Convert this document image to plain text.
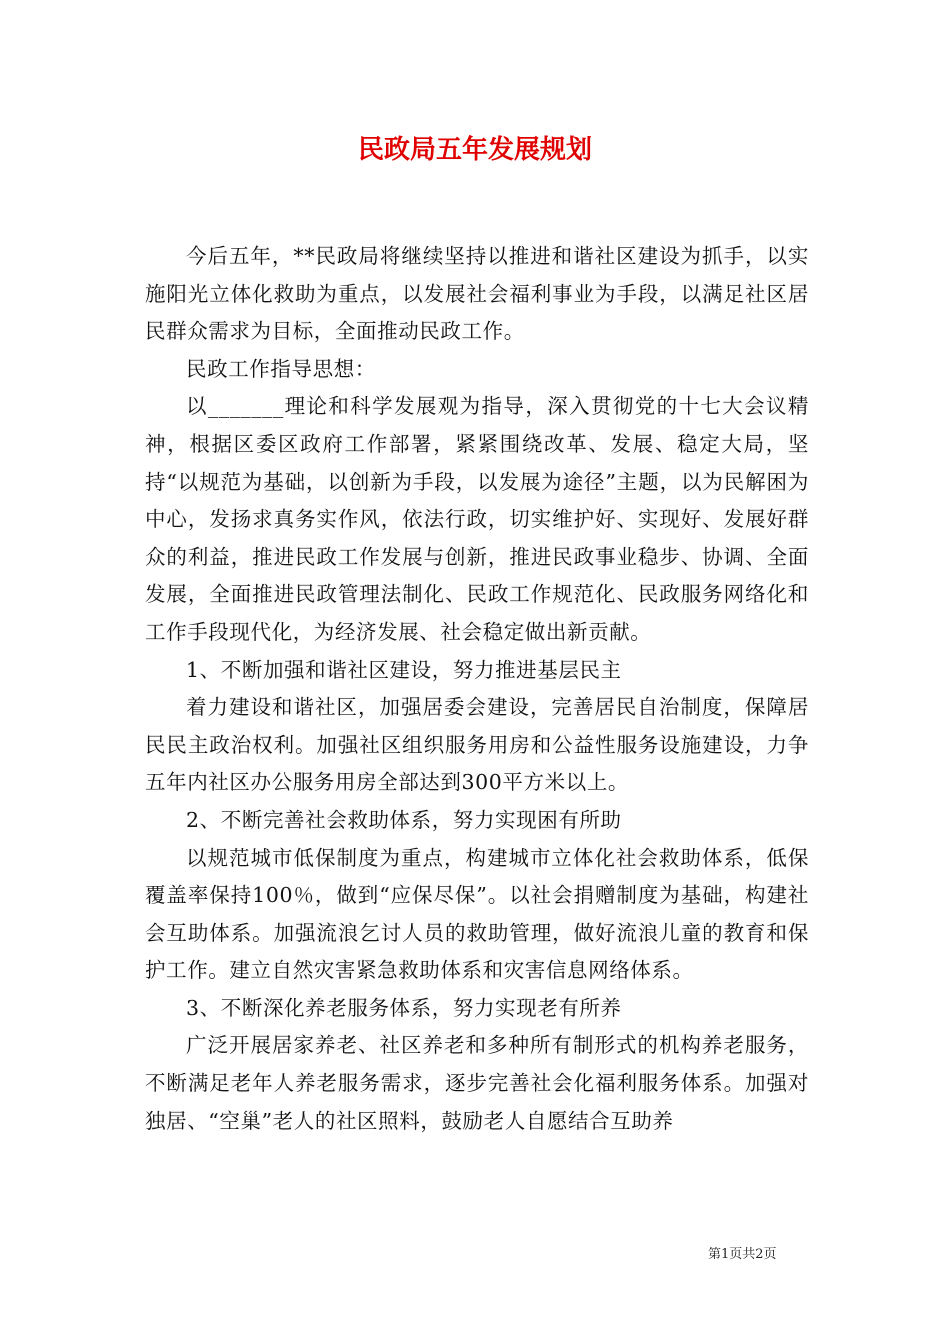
民政局五年发展规划

今后五年，**民政局将继续坚持以推进和谐社区建设为抓手，以实施阳光立体化救助为重点，以发展社会福利事业为手段，以满足社区居民群众需求为目标，全面推动民政工作。

民政工作指导思想：

以_______理论和科学发展观为指导，深入贯彻党的十七大会议精神，根据区委区政府工作部署，紧紧围绕改革、发展、稳定大局，坚持“以规范为基础，以创新为手段，以发展为途径”主题，以为民解困为中心，发扬求真务实作风，依法行政，切实维护好、实现好、发展好群众的利益，推进民政工作发展与创新，推进民政事业稳步、协调、全面发展，全面推进民政管理法制化、民政工作规范化、民政服务网络化和工作手段现代化，为经济发展、社会稳定做出新贡献。

1、不断加强和谐社区建设，努力推进基层民主

着力建设和谐社区，加强居委会建设，完善居民自治制度，保障居民民主政治权利。加强社区组织服务用房和公益性服务设施建设，力争五年内社区办公服务用房全部达到300平方米以上。

2、不断完善社会救助体系，努力实现困有所助

以规范城市低保制度为重点，构建城市立体化社会救助体系，低保覆盖率保持100％，做到“应保尽保”。以社会捐赠制度为基础，构建社会互助体系。加强流浪乞讨人员的救助管理，做好流浪儿童的教育和保护工作。建立自然灾害紧急救助体系和灾害信息网络体系。

3、不断深化养老服务体系，努力实现老有所养

广泛开展居家养老、社区养老和多种所有制形式的机构养老服务，不断满足老年人养老服务需求，逐步完善社会化福利服务体系。加强对独居、“空巢”老人的社区照料，鼓励老人自愿结合互助养

第1页共2页
